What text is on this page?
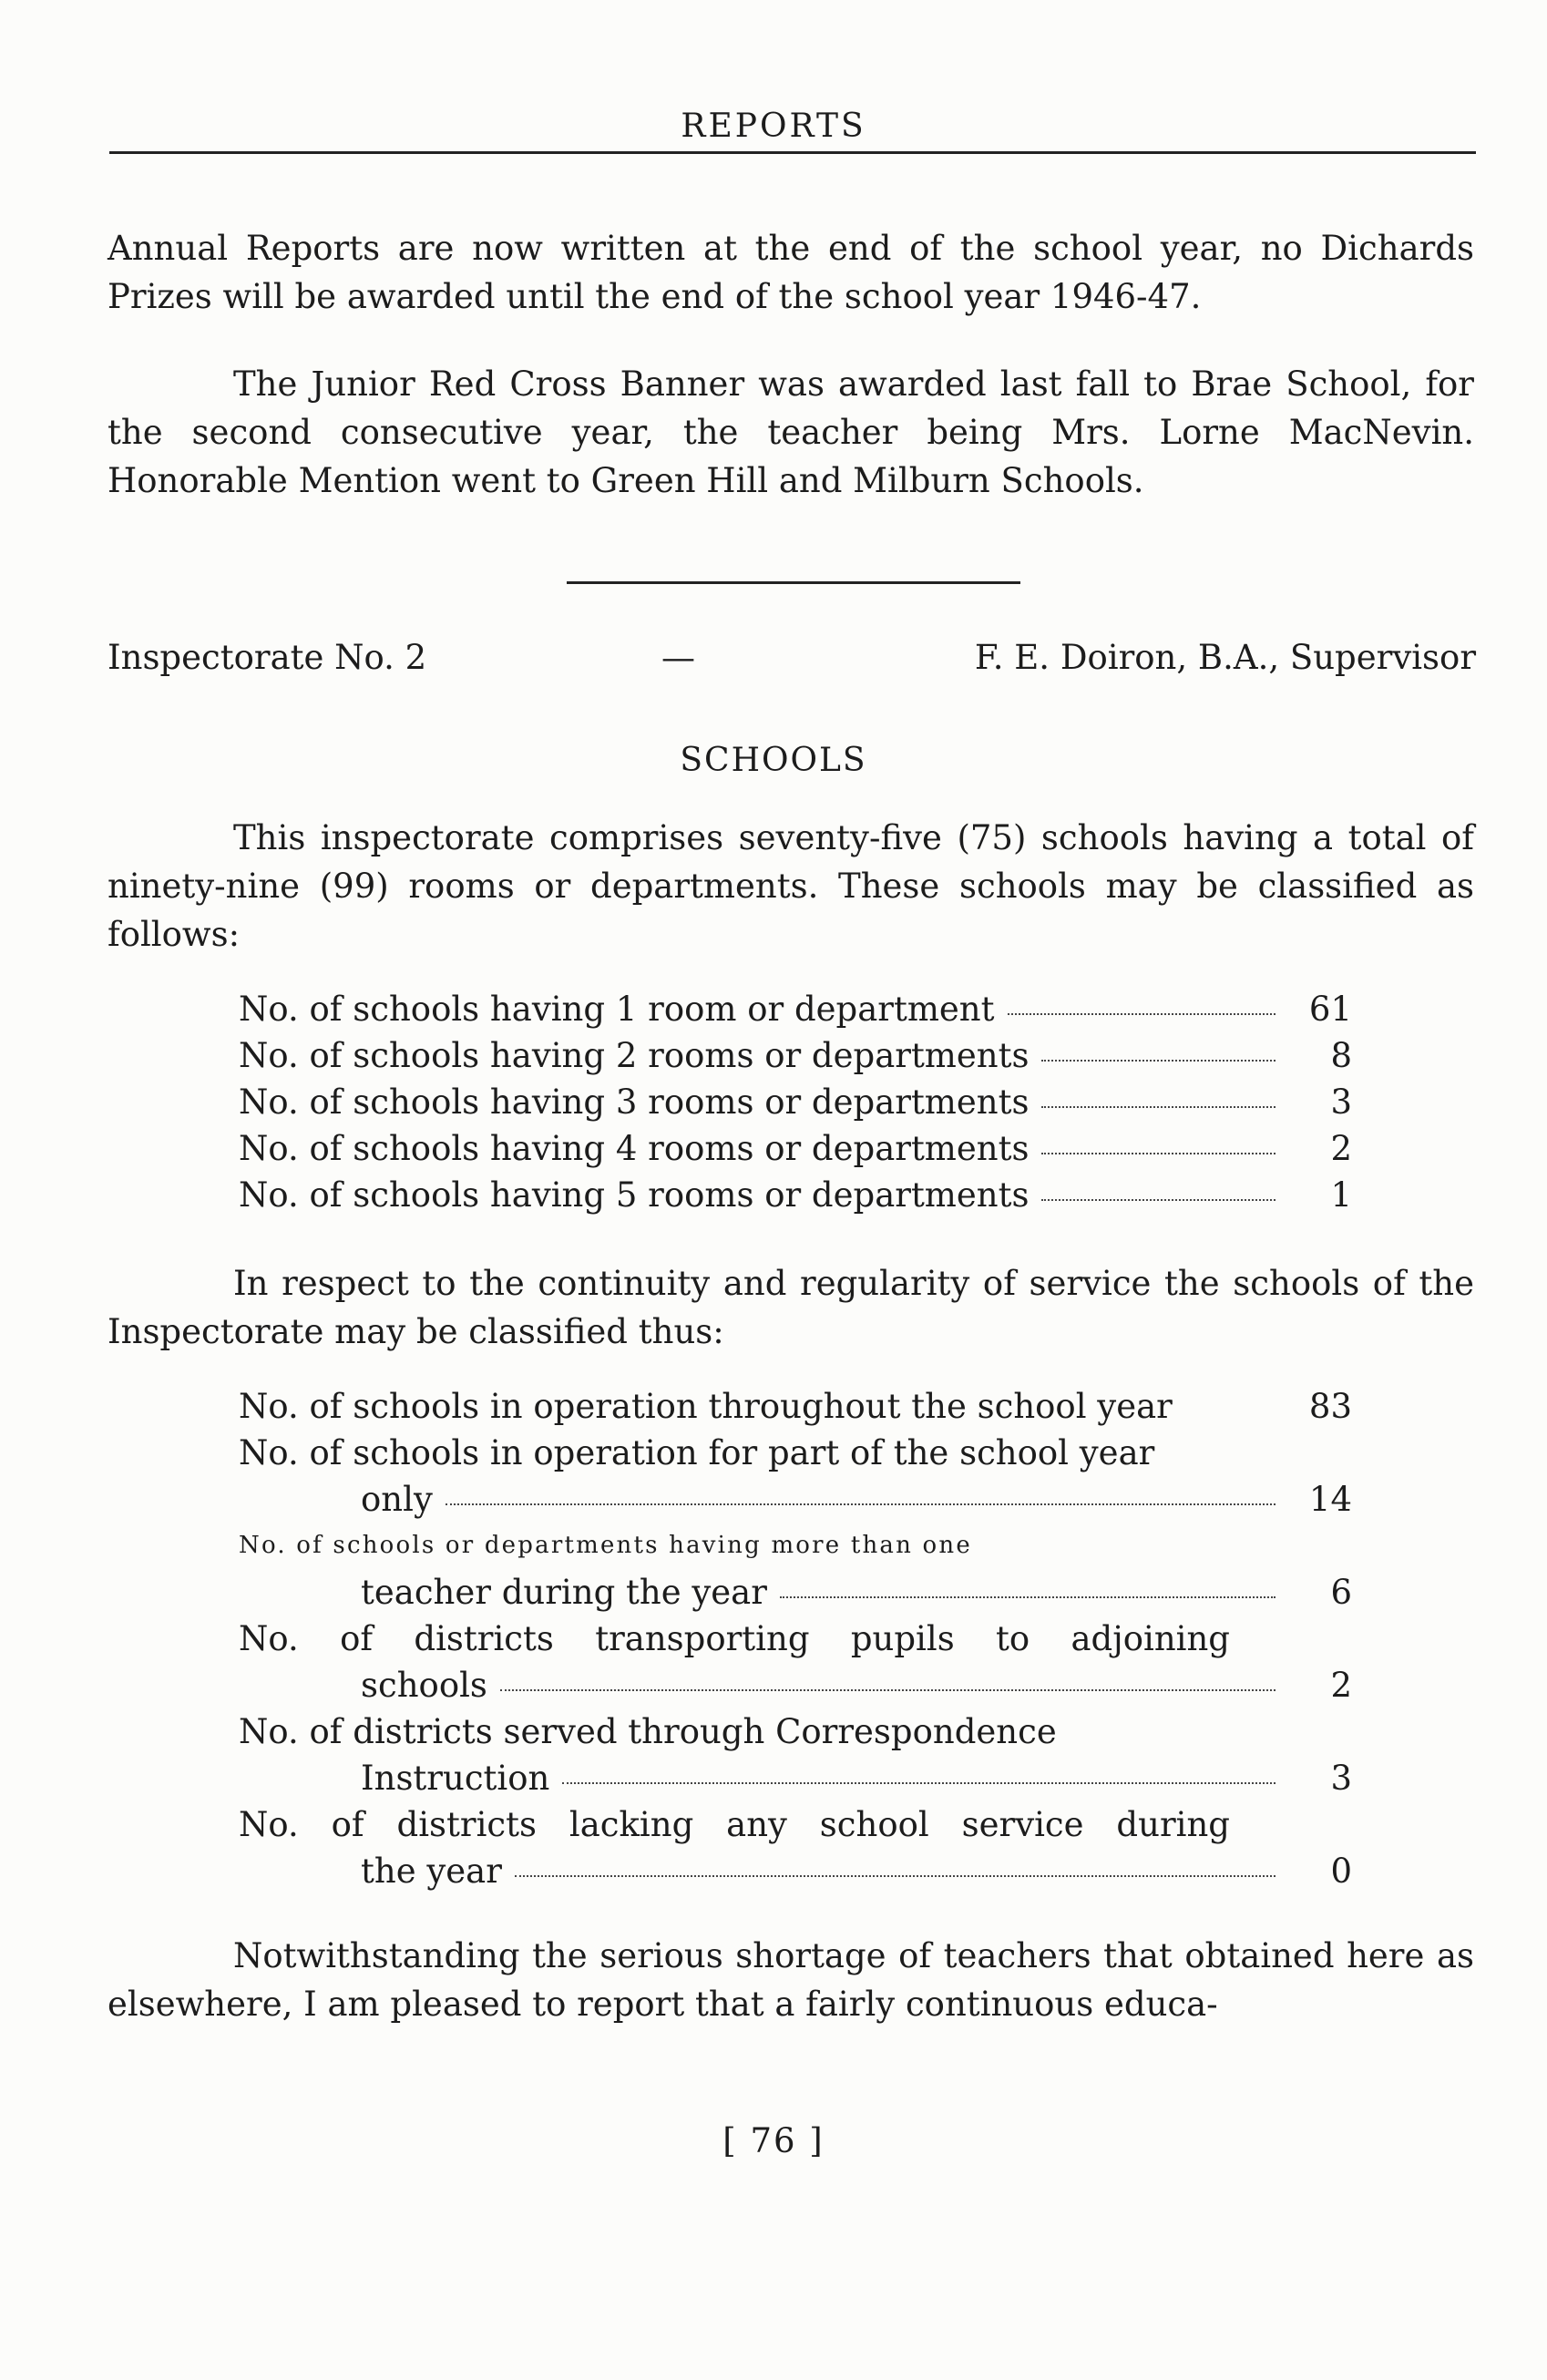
REPORTS

Annual Reports are now written at the end of the school year, no Dichards Prizes will be awarded until the end of the school year 1946-47.

The Junior Red Cross Banner was awarded last fall to Brae School, for the second consecutive year, the teacher being Mrs. Lorne MacNevin. Honorable Mention went to Green Hill and Milburn Schools.

Inspectorate No. 2	—	F. E. Doiron, B.A., Supervisor
SCHOOLS

This inspectorate comprises seventy-five (75) schools having a total of ninety-nine (99) rooms or departments. These schools may be classified as follows:

No. of schools having 1 room or department	61
No. of schools having 2 rooms or departments	8
No. of schools having 3 rooms or departments	3
No. of schools having 4 rooms or departments	2
No. of schools having 5 rooms or departments	1

In respect to the continuity and regularity of service the schools of the Inspectorate may be classified thus:

No. of schools in operation throughout the school year	83
No. of schools in operation for part of the school year
only	14
No. of schools or departments having more than one
teacher during the year	6
No. of districts transporting pupils to adjoining
schools	2
No. of districts served through Correspondence
Instruction	3
No. of districts lacking any school service during
the year	0

Notwithstanding the serious shortage of teachers that obtained here as elsewhere, I am pleased to report that a fairly continuous educa-

[ 76 ]
